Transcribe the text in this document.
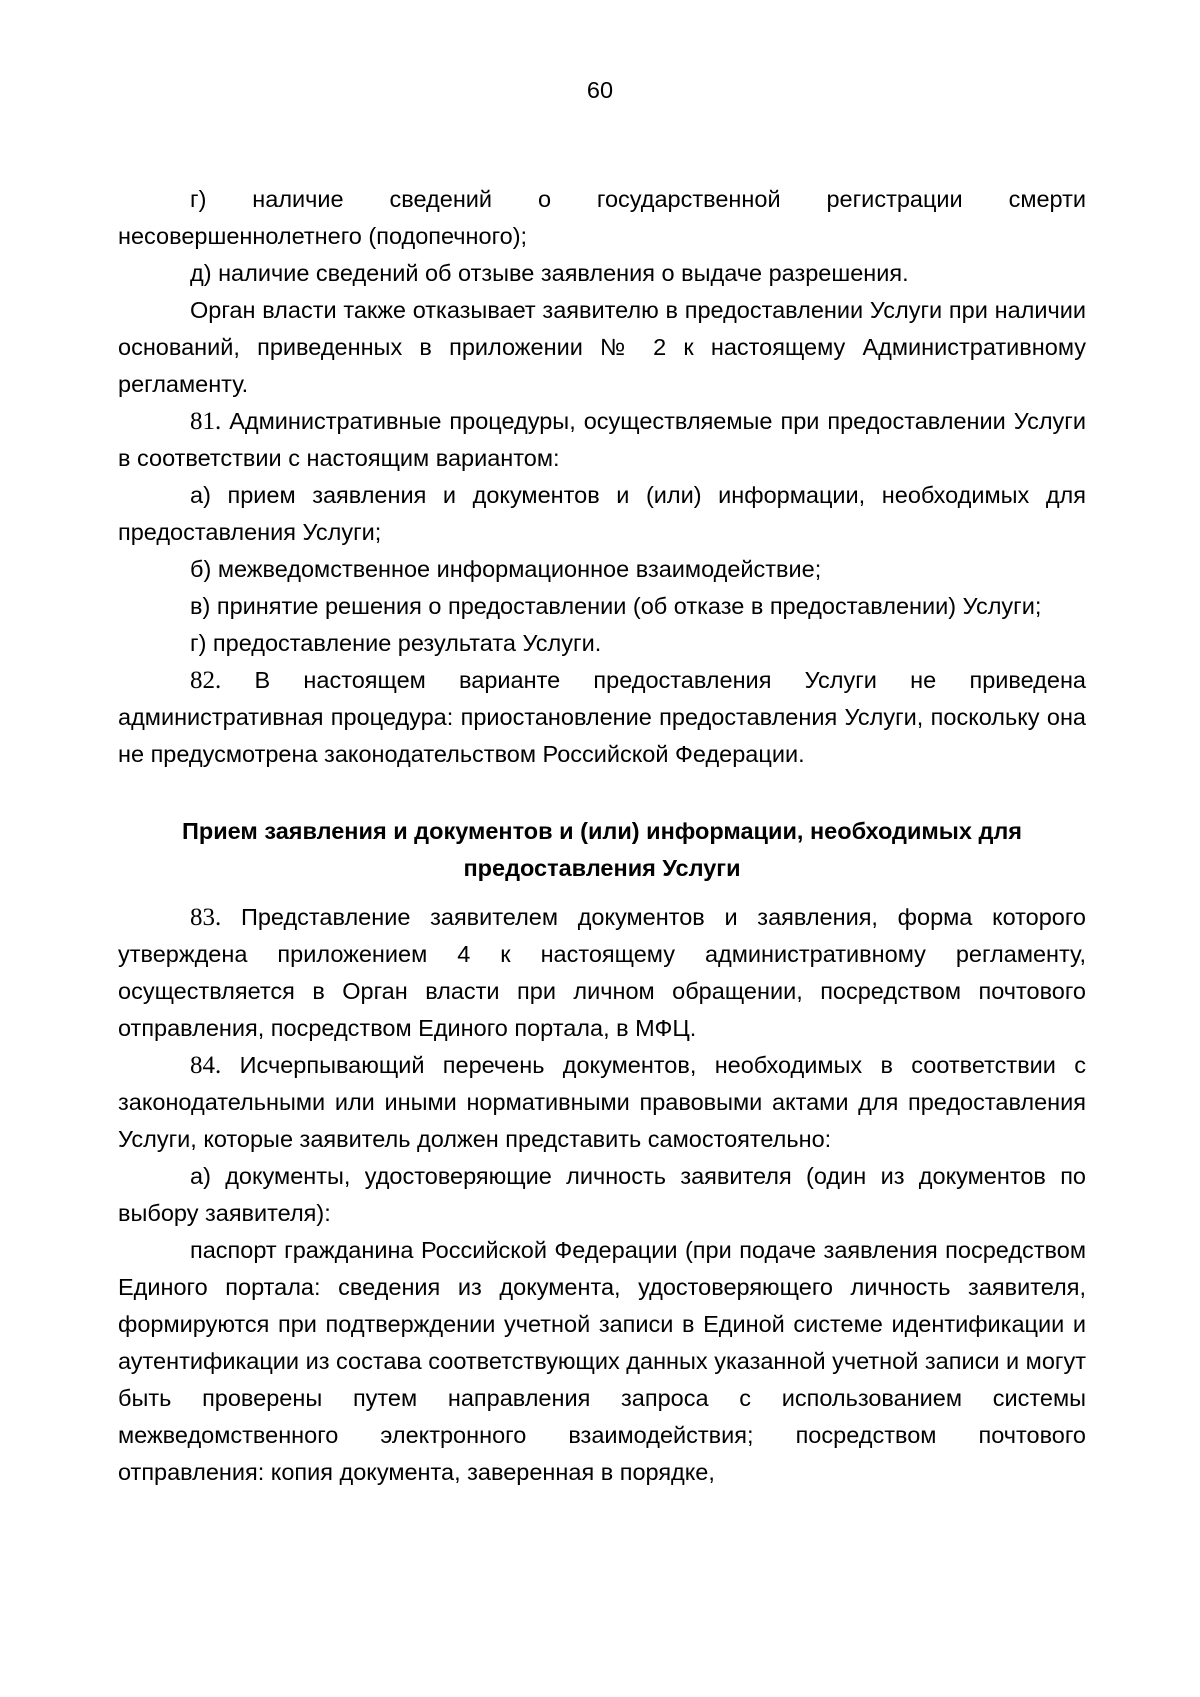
60

г) наличие сведений о государственной регистрации смерти несовершеннолетнего (подопечного);

д) наличие сведений об отзыве заявления о выдаче разрешения.

Орган власти также отказывает заявителю в предоставлении Услуги при наличии оснований, приведенных в приложении № 2 к настоящему Административному регламенту.

81. Административные процедуры, осуществляемые при предоставлении Услуги в соответствии с настоящим вариантом:

а) прием заявления и документов и (или) информации, необходимых для предоставления Услуги;

б) межведомственное информационное взаимодействие;

в) принятие решения о предоставлении (об отказе в предоставлении) Услуги;

г) предоставление результата Услуги.

82. В настоящем варианте предоставления Услуги не приведена административная процедура: приостановление предоставления Услуги, поскольку она не предусмотрена законодательством Российской Федерации.

Прием заявления и документов и (или) информации, необходимых для
предоставления Услуги

83. Представление заявителем документов и заявления, форма которого утверждена приложением 4 к настоящему административному регламенту, осуществляется в Орган власти при личном обращении, посредством почтового отправления, посредством Единого портала, в МФЦ.

84. Исчерпывающий перечень документов, необходимых в соответствии с законодательными или иными нормативными правовыми актами для предоставления Услуги, которые заявитель должен представить самостоятельно:

а) документы, удостоверяющие личность заявителя (один из документов по выбору заявителя):

паспорт гражданина Российской Федерации (при подаче заявления посредством Единого портала: сведения из документа, удостоверяющего личность заявителя, формируются при подтверждении учетной записи в Единой системе идентификации и аутентификации из состава соответствующих данных указанной учетной записи и могут быть проверены путем направления запроса с использованием системы межведомственного электронного взаимодействия; посредством почтового отправления: копия документа, заверенная в порядке,
